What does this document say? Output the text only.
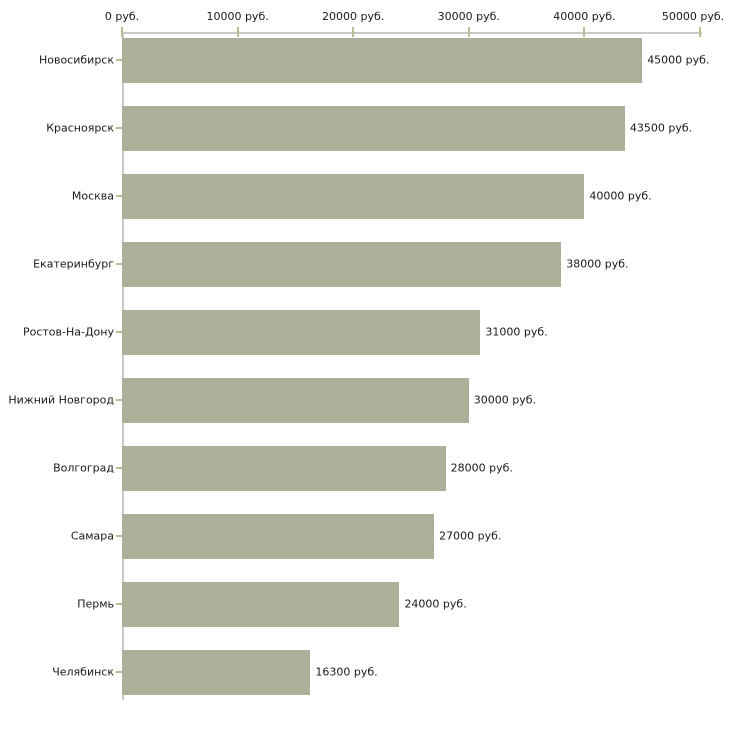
0 руб.	10000 руб.	20000 руб.	30000 руб.	40000 руб.	50000 руб.
Новосибирск	45000 руб.
Красноярск	43500 руб.
Москва	40000 руб.
Екатеринбург	38000 руб.
Ростов-На-Дону	31000 руб.
Нижний Новгород	30000 руб.
Волгоград	28000 руб.
Самара	27000 руб.
Пермь	24000 руб.
Челябинск	16300 руб.
